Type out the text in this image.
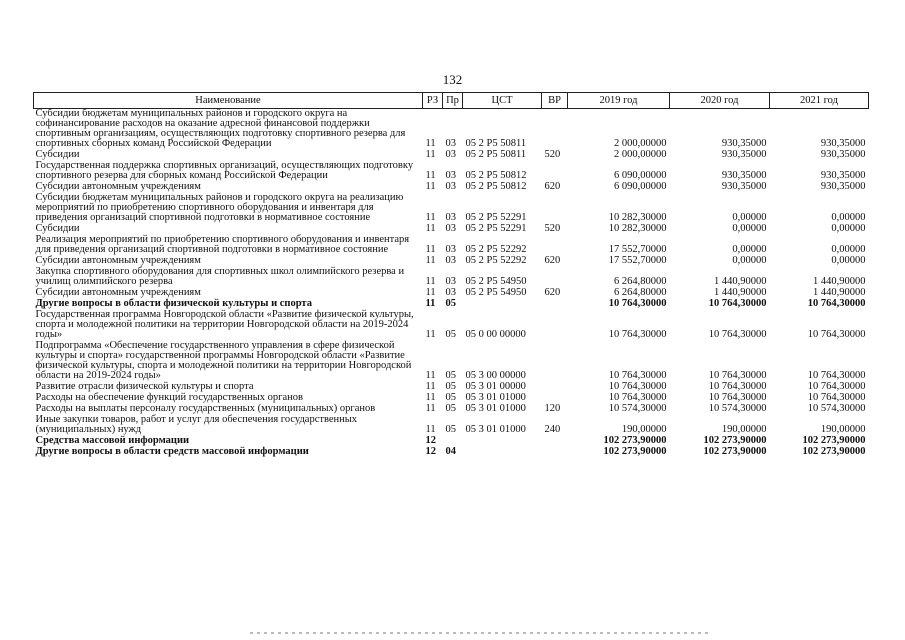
132
Наименование	РЗ	Пр	ЦСТ	ВР	2019 год	2020 год	2021 год
Субсидии бюджетам муниципальных районов и городского округа на софинансирование расходов на оказание адресной финансовой поддержки спортивным организациям, осуществляющих подготовку спортивного резерва для спортивных сборных команд Российской Федерации	11	03	05 2 P5 50811		2 000,00000	930,35000	930,35000
Субсидии	11	03	05 2 P5 50811	520	2 000,00000	930,35000	930,35000
Государственная поддержка спортивных организаций, осуществляющих подготовку спортивного резерва для сборных команд Российской Федерации	11	03	05 2 P5 50812		6 090,00000	930,35000	930,35000
Субсидии автономным учреждениям	11	03	05 2 P5 50812	620	6 090,00000	930,35000	930,35000
Субсидии бюджетам муниципальных районов и городского округа на реализацию мероприятий по приобретению спортивного оборудования и инвентаря для приведения организаций спортивной подготовки в нормативное состояние	11	03	05 2 P5 52291		10 282,30000	0,00000	0,00000
Субсидии	11	03	05 2 P5 52291	520	10 282,30000	0,00000	0,00000
Реализация мероприятий по приобретению спортивного оборудования и инвентаря для приведения организаций спортивной подготовки в нормативное состояние	11	03	05 2 P5 52292		17 552,70000	0,00000	0,00000
Субсидии автономным учреждениям	11	03	05 2 P5 52292	620	17 552,70000	0,00000	0,00000
Закупка спортивного оборудования для спортивных школ олимпийского резерва и училищ олимпийского резерва	11	03	05 2 P5 54950		6 264,80000	1 440,90000	1 440,90000
Субсидии автономным учреждениям	11	03	05 2 P5 54950	620	6 264,80000	1 440,90000	1 440,90000
Другие вопросы в области физической культуры и спорта	11	05			10 764,30000	10 764,30000	10 764,30000
Государственная программа Новгородской области «Развитие физической культуры, спорта и молодежной политики на территории Новгородской области на 2019-2024 годы»	11	05	05 0 00 00000		10 764,30000	10 764,30000	10 764,30000
Подпрограмма «Обеспечение государственного управления в сфере физической культуры и спорта» государственной программы Новгородской области «Развитие физической культуры, спорта и молодежной политики на территории Новгородской области на 2019-2024 годы»	11	05	05 3 00 00000		10 764,30000	10 764,30000	10 764,30000
Развитие отрасли физической культуры и спорта	11	05	05 3 01 00000		10 764,30000	10 764,30000	10 764,30000
Расходы на обеспечение функций государственных органов	11	05	05 3 01 01000		10 764,30000	10 764,30000	10 764,30000
Расходы на выплаты персоналу государственных (муниципальных) органов	11	05	05 3 01 01000	120	10 574,30000	10 574,30000	10 574,30000
Иные закупки товаров, работ и услуг для обеспечения государственных (муниципальных) нужд	11	05	05 3 01 01000	240	190,00000	190,00000	190,00000
Средства массовой информации	12				102 273,90000	102 273,90000	102 273,90000
Другие вопросы в области средств массовой информации	12	04			102 273,90000	102 273,90000	102 273,90000
